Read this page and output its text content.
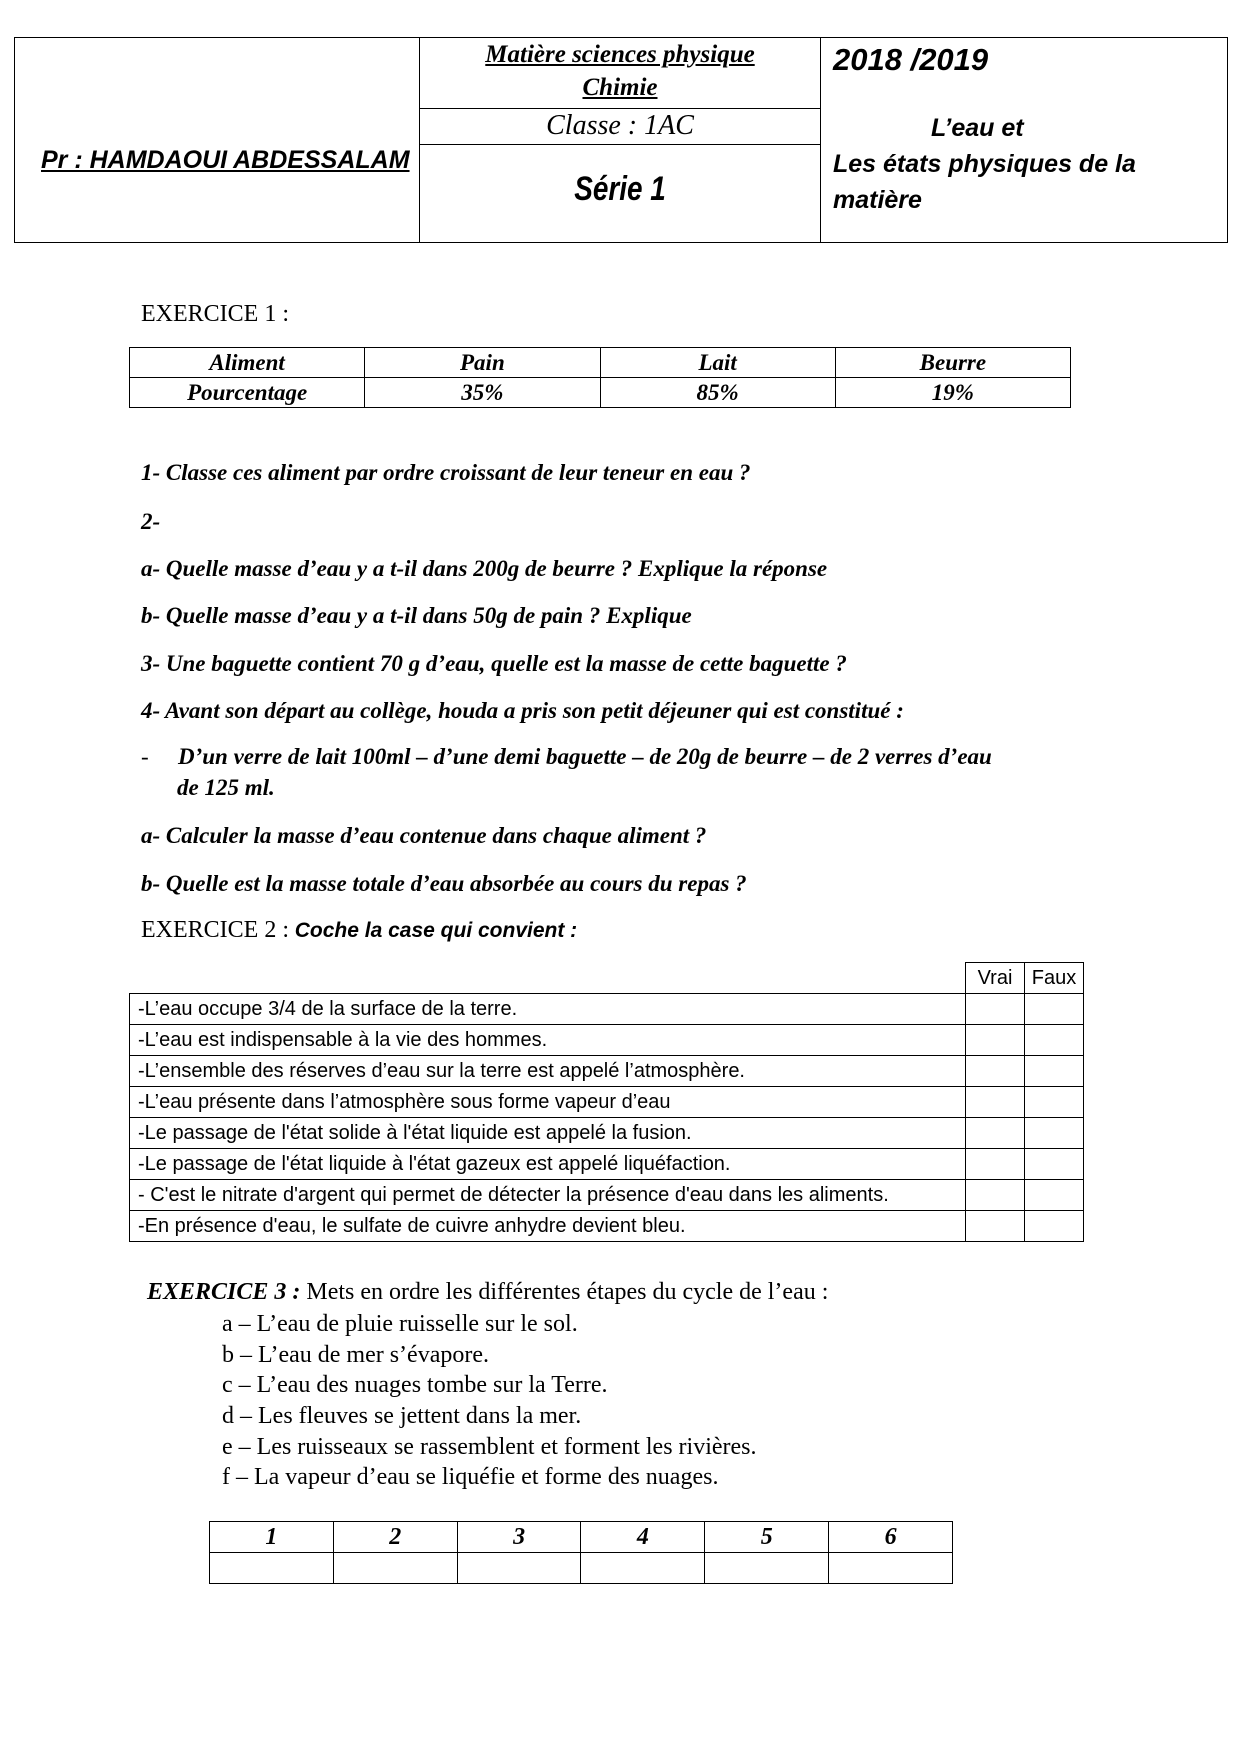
Pr : HAMDAOUI ABDESSALAM
Matière sciences physique
Chimie
Classe : 1AC
Série 1
2018 /2019
L’eau et
Les états physiques de la
matière
EXERCICE 1 :
Aliment	Pain	Lait	Beurre
Pourcentage	35%	85%	19%
1- Classe ces aliment par ordre croissant de leur teneur en eau ?
2-
a- Quelle masse d’eau y a t-il dans 200g de beurre ? Explique la réponse
b- Quelle masse d’eau y a t-il dans 50g de pain ? Explique
3- Une baguette contient 70 g d’eau, quelle est la masse de cette baguette ?
4- Avant son départ au collège, houda a pris son petit déjeuner qui est constitué :
- D’un verre de lait 100ml – d’une demi baguette – de 20g de beurre – de 2 verres d’eau
de 125 ml.
a- Calculer la masse d’eau contenue dans chaque aliment ?
b- Quelle est la masse totale d’eau absorbée au cours du repas ?
EXERCICE 2 : Coche la case qui convient :
	Vrai	Faux
-L’eau occupe 3/4 de la surface de la terre.		
-L’eau est indispensable à la vie des hommes.		
-L’ensemble des réserves d’eau sur la terre est appelé l’atmosphère.		
-L’eau présente dans l’atmosphère sous forme vapeur d’eau		
-Le passage de l'état solide à l'état liquide est appelé la fusion.		
-Le passage de l'état liquide à l'état gazeux est appelé liquéfaction.		
- C'est le nitrate d'argent qui permet de détecter la présence d'eau dans les aliments.		
-En présence d'eau, le sulfate de cuivre anhydre devient bleu.		
EXERCICE 3 : Mets en ordre les différentes étapes du cycle de l’eau :
a – L’eau de pluie ruisselle sur le sol.
b – L’eau de mer s’évapore.
c – L’eau des nuages tombe sur la Terre.
d – Les fleuves se jettent dans la mer.
e – Les ruisseaux se rassemblent et forment les rivières.
f – La vapeur d’eau se liquéfie et forme des nuages.
1	2	3	4	5	6
